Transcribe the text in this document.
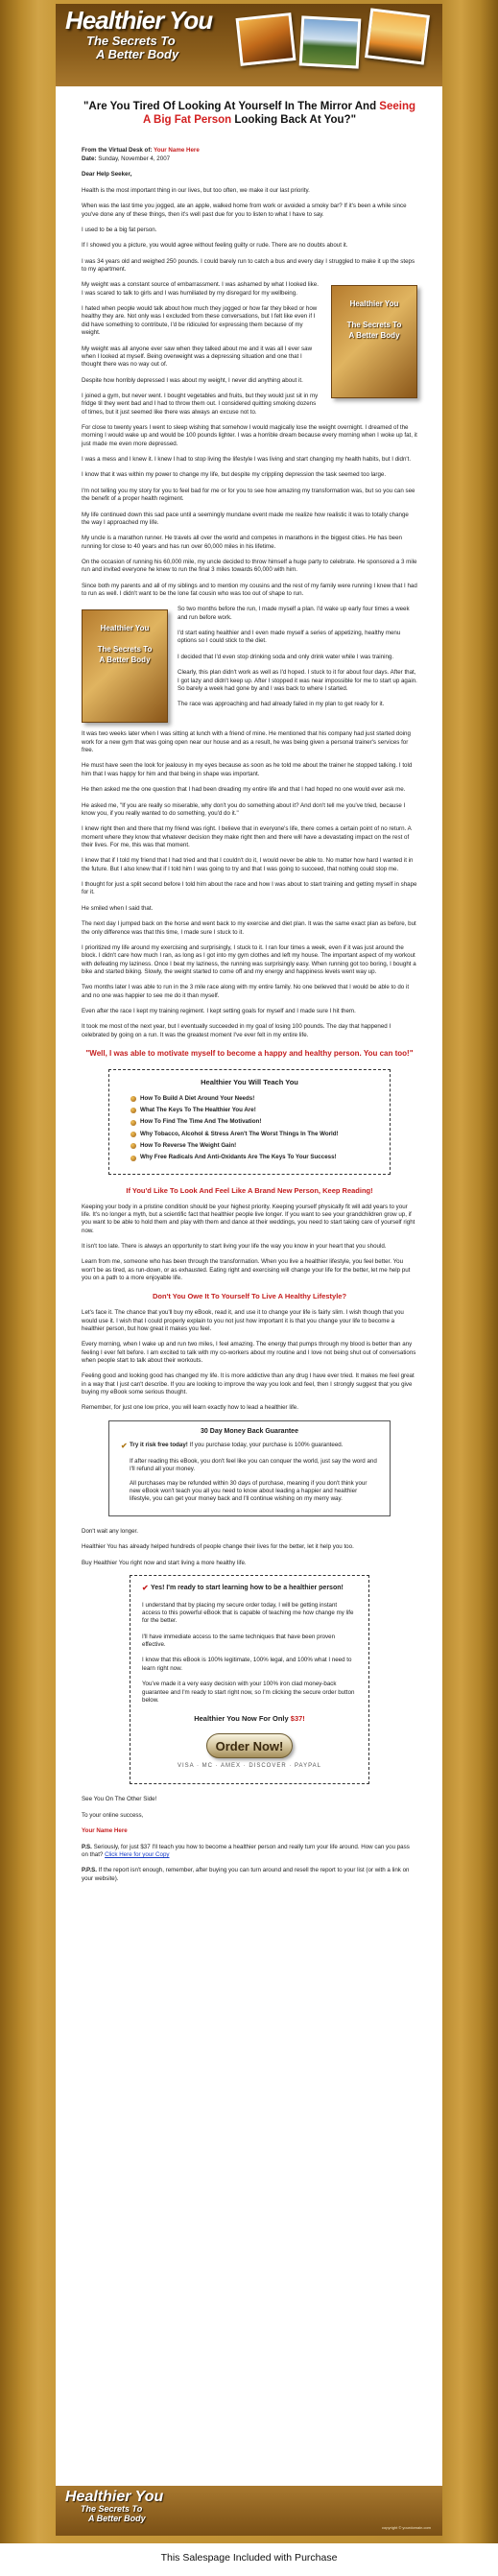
Healthier You
The Secrets To
A Better Body
"Are You Tired Of Looking At Yourself In The Mirror And Seeing A Big Fat Person Looking Back At You?"

From the Virtual Desk of: Your Name Here

Date: Sunday, November 4, 2007

Dear Help Seeker,

Health is the most important thing in our lives, but too often, we make it our last priority.

When was the last time you jogged, ate an apple, walked home from work or avoided a smoky bar? If it's been a while since you've done any of these things, then it's well past due for you to listen to what I have to say.

I used to be a big fat person.

If I showed you a picture, you would agree without feeling guilty or rude. There are no doubts about it.

I was 34 years old and weighed 250 pounds. I could barely run to catch a bus and every day I struggled to make it up the steps to my apartment.

Healthier You

The Secrets To
A Better Body

My weight was a constant source of embarrassment. I was ashamed by what I looked like. I was scared to talk to girls and I was humiliated by my disregard for my wellbeing.

I hated when people would talk about how much they jogged or how far they biked or how healthy they are. Not only was I excluded from these conversations, but I felt like even if I did have something to contribute, I'd be ridiculed for expressing them because of my weight.

My weight was all anyone ever saw when they talked about me and it was all I ever saw when I looked at myself. Being overweight was a depressing situation and one that I thought there was no way out of.

Despite how horribly depressed I was about my weight, I never did anything about it.

I joined a gym, but never went. I bought vegetables and fruits, but they would just sit in my fridge til they went bad and I had to throw them out. I considered quitting smoking dozens of times, but it just seemed like there was always an excuse not to.

For close to twenty years I went to sleep wishing that somehow I would magically lose the weight overnight. I dreamed of the morning I would wake up and would be 100 pounds lighter. I was a horrible dream because every morning when I woke up fat, it just made me even more depressed.

I was a mess and I knew it. I knew I had to stop living the lifestyle I was living and start changing my health habits, but I didn't.

I know that it was within my power to change my life, but despite my crippling depression the task seemed too large.

I'm not telling you my story for you to feel bad for me or for you to see how amazing my transformation was, but so you can see the benefit of a proper health regiment.

My life continued down this sad pace until a seemingly mundane event made me realize how realistic it was to totally change the way I approached my life.

My uncle is a marathon runner. He travels all over the world and competes in marathons in the biggest cities. He has been running for close to 40 years and has run over 60,000 miles in his lifetime.

On the occasion of running his 60,000 mile, my uncle decided to throw himself a huge party to celebrate. He sponsored a 3 mile run and invited everyone he knew to run the final 3 miles towards 60,000 with him.

Since both my parents and all of my siblings and to mention my cousins and the rest of my family were running I knew that I had to run as well. I didn't want to be the lone fat cousin who was too out of shape to run.

Healthier You

The Secrets To
A Better Body

So two months before the run, I made myself a plan. I'd wake up early four times a week and run before work.

I'd start eating healthier and I even made myself a series of appetizing, healthy menu options so I could stick to the diet.

I decided that I'd even stop drinking soda and only drink water while I was training.

Clearly, this plan didn't work as well as I'd hoped. I stuck to it for about four days. After that, I got lazy and didn't keep up. After I stopped it was near impossible for me to start up again. So barely a week had gone by and I was back to where I started.

The race was approaching and had already failed in my plan to get ready for it.

It was two weeks later when I was sitting at lunch with a friend of mine. He mentioned that his company had just started doing work for a new gym that was going open near our house and as a result, he was being given a personal trainer's services for free.

He must have seen the look for jealousy in my eyes because as soon as he told me about the trainer he stopped talking. I told him that I was happy for him and that being in shape was important.

He then asked me the one question that I had been dreading my entire life and that I had hoped no one would ever ask me.

He asked me, "If you are really so miserable, why don't you do something about it? And don't tell me you've tried, because I know you, if you really wanted to do something, you'd do it."

I knew right then and there that my friend was right. I believe that in everyone's life, there comes a certain point of no return. A moment where they know that whatever decision they make right then and there will have a devastating impact on the rest of their lives. For me, this was that moment.

I knew that if I told my friend that I had tried and that I couldn't do it, I would never be able to. No matter how hard I wanted it in the future. But I also knew that if I told him I was going to try and that I was going to succeed, that nothing could stop me.

I thought for just a split second before I told him about the race and how I was about to start training and getting myself in shape for it.

He smiled when I said that.

The next day I jumped back on the horse and went back to my exercise and diet plan. It was the same exact plan as before, but the only difference was that this time, I made sure I stuck to it.

I prioritized my life around my exercising and surprisingly, I stuck to it. I ran four times a week, even if it was just around the block. I didn't care how much I ran, as long as I got into my gym clothes and left my house. The important aspect of my workout with defeating my laziness. Once I beat my laziness, the running was surprisingly easy. When running got too boring, I bought a bike and started biking. Slowly, the weight started to come off and my energy and happiness levels went way up.

Two months later I was able to run in the 3 mile race along with my entire family. No one believed that I would be able to do it and no one was happier to see me do it than myself.

Even after the race I kept my training regiment. I kept setting goals for myself and I made sure I hit them.

It took me most of the next year, but I eventually succeeded in my goal of losing 100 pounds. The day that happened I celebrated by going on a run. It was the greatest moment I've ever felt in my entire life.

"Well, I was able to motivate myself to become a happy and healthy person. You can too!"
Healthier You Will Teach You
How To Build A Diet Around Your Needs!
What The Keys To The Healthier You Are!
How To Find The Time And The Motivation!
Why Tobacco, Alcohol & Stress Aren't The Worst Things In The World!
How To Reverse The Weight Gain!
Why Free Radicals And Anti-Oxidants Are The Keys To Your Success!
If You'd Like To Look And Feel Like A Brand New Person, Keep Reading!

Keeping your body in a pristine condition should be your highest priority. Keeping yourself physically fit will add years to your life. It's no longer a myth, but a scientific fact that healthier people live longer. If you want to see your grandchildren grow up, if you want to be able to hold them and play with them and dance at their weddings, you need to start taking care of yourself right now.

It isn't too late. There is always an opportunity to start living your life the way you know in your heart that you should.

Learn from me, someone who has been through the transformation. When you live a healthier lifestyle, you feel better. You won't be as tired, as run-down, or as exhausted. Eating right and exercising will change your life for the better, let me help put you on a path to a more enjoyable life.

Don't You Owe It To Yourself To Live A Healthy Lifestyle?

Let's face it. The chance that you'll buy my eBook, read it, and use it to change your life is fairly slim. I wish though that you would use it. I wish that I could properly explain to you not just how important it is that you change your life to become a healthier person, but how great it makes you feel.

Every morning, when I wake up and run two miles, I feel amazing. The energy that pumps through my blood is better than any feeling I ever felt before. I am excited to talk with my co-workers about my routine and I love not being shut out of conversations when people start to talk about their workouts.

Feeling good and looking good has changed my life. It is more addictive than any drug I have ever tried. It makes me feel great in a way that I just can't describe. If you are looking to improve the way you look and feel, then I strongly suggest that you give buying my eBook some serious thought.

Remember, for just one low price, you will learn exactly how to lead a healthier life.

30 Day Money Back Guarantee
✔ Try it risk free today! If you purchase today, your purchase is 100% guaranteed.
If after reading this eBook, you don't feel like you can conquer the world, just say the word and I'll refund all your money.
All purchases may be refunded within 30 days of purchase, meaning if you don't think your new eBook won't teach you all you need to know about leading a happier and healthier lifestyle, you can get your money back and I'll continue wishing on my merry way.

Don't wait any longer.

Healthier You has already helped hundreds of people change their lives for the better, let it help you too.

Buy Healthier You right now and start living a more healthy life.

✔ Yes! I'm ready to start learning how to be a healthier person!

I understand that by placing my secure order today, I will be getting instant access to this powerful eBook that is capable of teaching me how change my life for the better.

I'll have immediate access to the same techniques that have been proven effective.

I know that this eBook is 100% legitimate, 100% legal, and 100% what I need to learn right now.

You've made it a very easy decision with your 100% iron clad money-back guarantee and I'm ready to start right now, so I'm clicking the secure order button below.

Healthier You Now For Only $37!
Order Now!
VISA · MC · AMEX · DISCOVER · PAYPAL

See You On The Other Side!

To your online success,

Your Name Here

P.S. Seriously, for just $37 I'll teach you how to become a healthier person and really turn your life around. How can you pass on that? Click Here for your Copy

P.P.S. If the report isn't enough, remember, after buying you can turn around and resell the report to your list (or with a link on your website).

Healthier You
The Secrets To
A Better Body
copyright © yourdomain.com
This Salespage Included with Purchase
